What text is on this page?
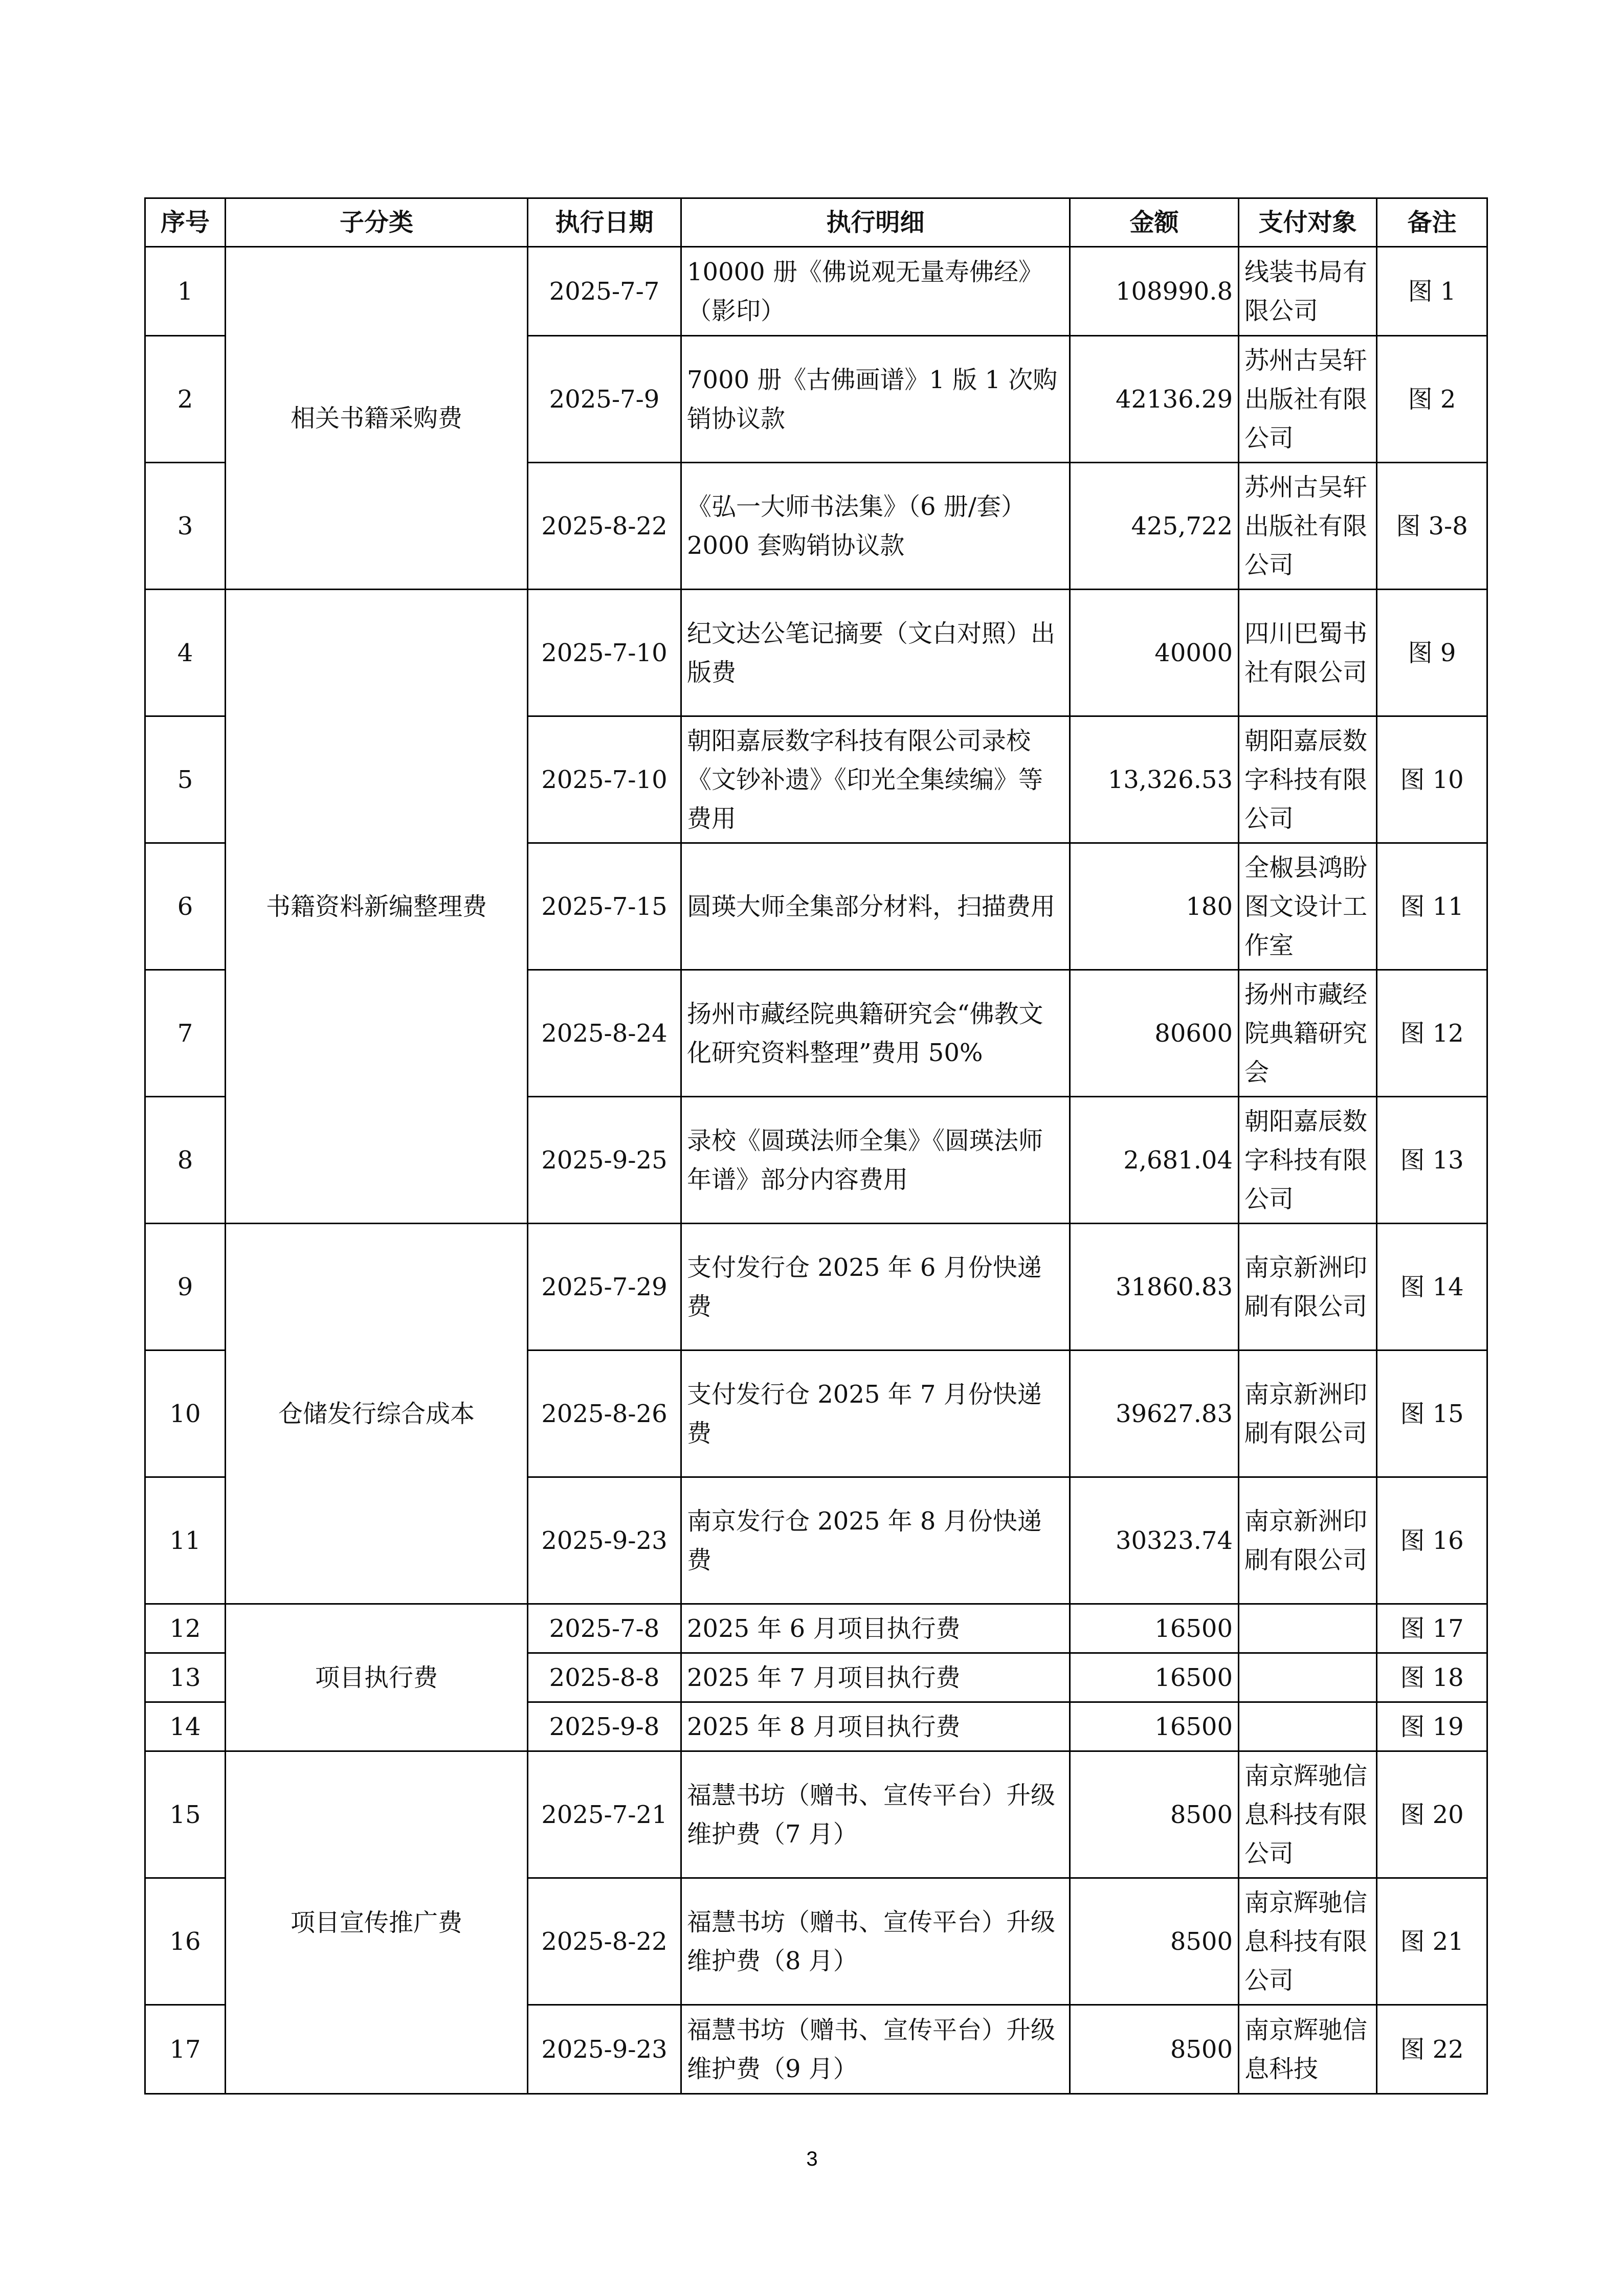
序号	子分类	执行日期	执行明细	金额	支付对象	备注
1	相关书籍采购费	2025-7-7	10000 册《佛说观无量寿佛经》（影印）	108990.8	线装书局有限公司	图 1
2		2025-7-9	7000 册《古佛画谱》1 版 1 次购销协议款	42136.29	苏州古吴轩出版社有限公司	图 2
3		2025-8-22	《弘一大师书法集》（6 册/套）2000 套购销协议款	425,722	苏州古吴轩出版社有限公司	图 3-8
4	书籍资料新编整理费	2025-7-10	纪文达公笔记摘要（文白对照）出版费	40000	四川巴蜀书社有限公司	图 9
5		2025-7-10	朝阳嘉辰数字科技有限公司录校《文钞补遗》《印光全集续编》等费用	13,326.53	朝阳嘉辰数字科技有限公司	图 10
6		2025-7-15	圆瑛大师全集部分材料，扫描费用	180	全椒县鸿盼图文设计工作室	图 11
7		2025-8-24	扬州市藏经院典籍研究会“佛教文化研究资料整理”费用 50%	80600	扬州市藏经院典籍研究会	图 12
8		2025-9-25	录校《圆瑛法师全集》《圆瑛法师年谱》部分内容费用	2,681.04	朝阳嘉辰数字科技有限公司	图 13
9	仓储发行综合成本	2025-7-29	支付发行仓 2025 年 6 月份快递费	31860.83	南京新洲印刷有限公司	图 14
10		2025-8-26	支付发行仓 2025 年 7 月份快递费	39627.83	南京新洲印刷有限公司	图 15
11		2025-9-23	南京发行仓 2025 年 8 月份快递费	30323.74	南京新洲印刷有限公司	图 16
12	项目执行费	2025-7-8	2025 年 6 月项目执行费	16500		图 17
13		2025-8-8	2025 年 7 月项目执行费	16500		图 18
14		2025-9-8	2025 年 8 月项目执行费	16500		图 19
15	项目宣传推广费	2025-7-21	福慧书坊（赠书、宣传平台）升级维护费（7 月）	8500	南京辉驰信息科技有限公司	图 20
16		2025-8-22	福慧书坊（赠书、宣传平台）升级维护费（8 月）	8500	南京辉驰信息科技有限公司	图 21
17		2025-9-23	福慧书坊（赠书、宣传平台）升级维护费（9 月）	8500	南京辉驰信息科技	图 22
3
